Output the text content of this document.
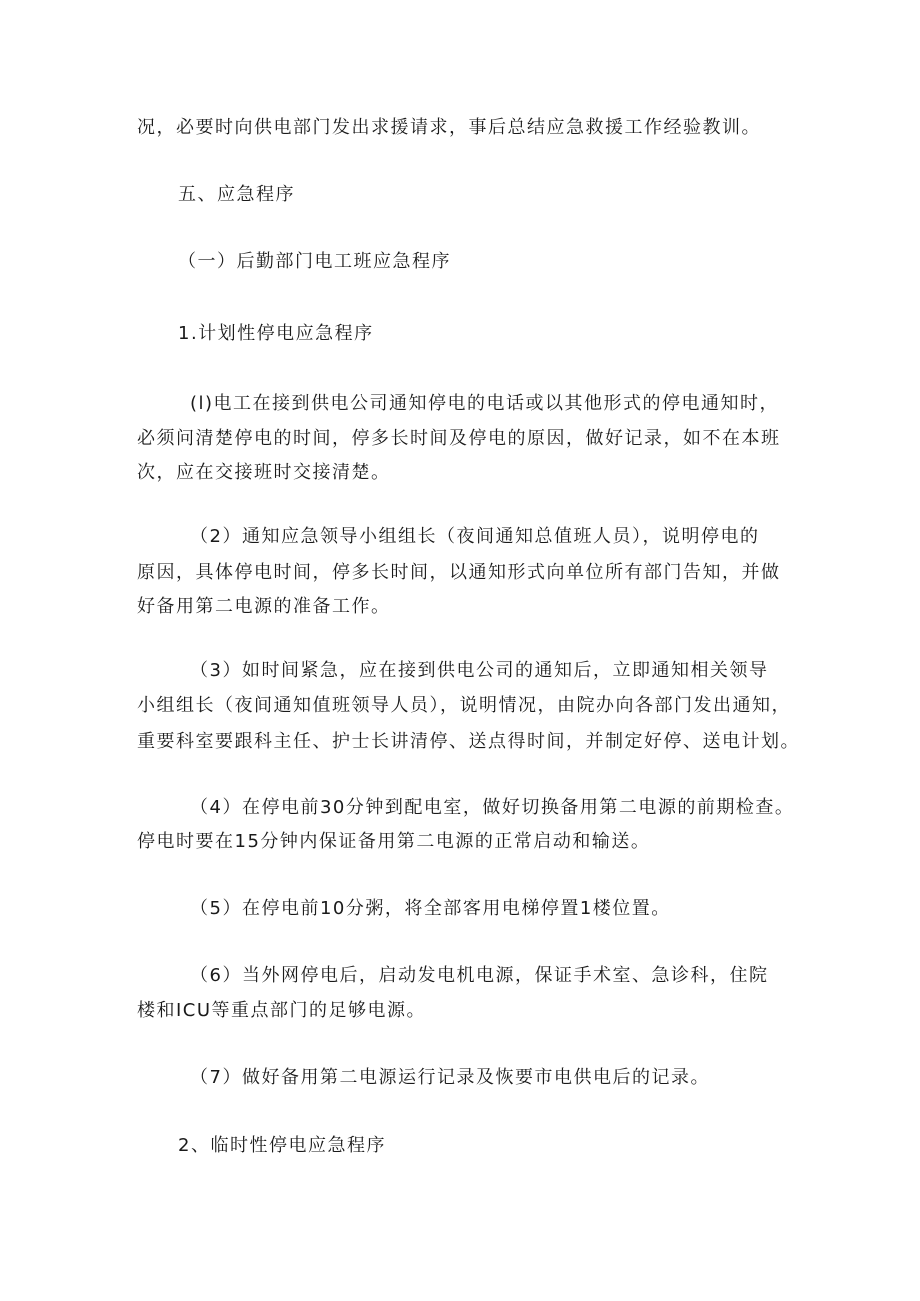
况，必要时向供电部门发出求援请求，事后总结应急救援工作经验教训。
五、应急程序
（一）后勤部门电工班应急程序
1.计划性停电应急程序
(l)电工在接到供电公司通知停电的电话或以其他形式的停电通知时，
必须问清楚停电的时间，停多长时间及停电的原因，做好记录，如不在本班
次，应在交接班时交接清楚。
（2）通知应急领导小组组长（夜间通知总值班人员），说明停电的
原因，具体停电时间，停多长时间，以通知形式向单位所有部门告知，并做
好备用第二电源的准备工作。
（3）如时间紧急，应在接到供电公司的通知后，立即通知相关领导
小组组长（夜间通知值班领导人员），说明情况，由院办向各部门发出通知，
重要科室要跟科主任、护士长讲清停、送点得时间，并制定好停、送电计划。
（4）在停电前30分钟到配电室，做好切换备用第二电源的前期检查。
停电时要在15分钟内保证备用第二电源的正常启动和输送。
（5）在停电前10分粥，将全部客用电梯停置1楼位置。
（6）当外网停电后，启动发电机电源，保证手术室、急诊科，住院
楼和ICU等重点部门的足够电源。
（7）做好备用第二电源运行记录及恢要市电供电后的记录。
2、临时性停电应急程序
